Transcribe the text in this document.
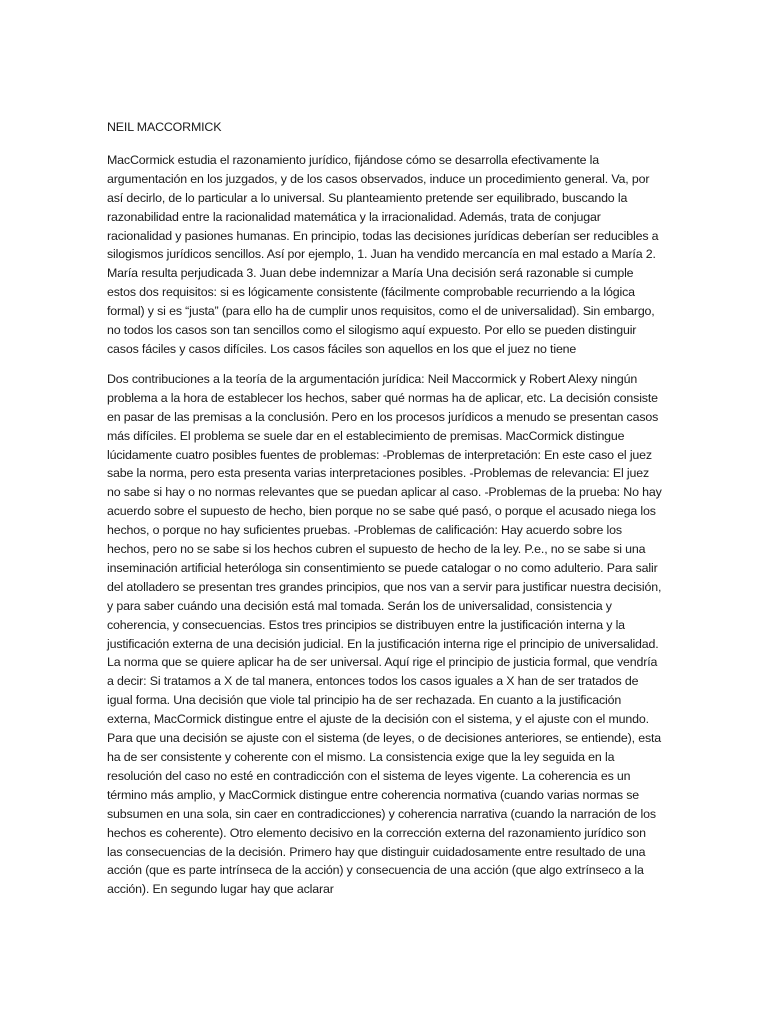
NEIL MACCORMICK

MacCormick estudia el razonamiento jurídico, fijándose cómo se desarrolla efectivamente la argumentación en los juzgados, y de los casos observados, induce un procedimiento general. Va, por así decirlo, de lo particular a lo universal. Su planteamiento pretende ser equilibrado, buscando la razonabilidad entre la racionalidad matemática y la irracionalidad. Además, trata de conjugar racionalidad y pasiones humanas. En principio, todas las decisiones jurídicas deberían ser reducibles a silogismos jurídicos sencillos. Así por ejemplo, 1. Juan ha vendido mercancía en mal estado a María 2. María resulta perjudicada 3. Juan debe indemnizar a María Una decisión será razonable si cumple estos dos requisitos: si es lógicamente consistente (fácilmente comprobable recurriendo a la lógica formal) y si es “justa” (para ello ha de cumplir unos requisitos, como el de universalidad). Sin embargo, no todos los casos son tan sencillos como el silogismo aquí expuesto. Por ello se pueden distinguir casos fáciles y casos difíciles. Los casos fáciles son aquellos en los que el juez no tiene

Dos contribuciones a la teoría de la argumentación jurídica: Neil Maccormick y Robert Alexy ningún problema a la hora de establecer los hechos, saber qué normas ha de aplicar, etc. La decisión consiste en pasar de las premisas a la conclusión. Pero en los procesos jurídicos a menudo se presentan casos más difíciles. El problema se suele dar en el establecimiento de premisas. MacCormick distingue lúcidamente cuatro posibles fuentes de problemas: -Problemas de interpretación: En este caso el juez sabe la norma, pero esta presenta varias interpretaciones posibles. -Problemas de relevancia: El juez no sabe si hay o no normas relevantes que se puedan aplicar al caso. -Problemas de la prueba: No hay acuerdo sobre el supuesto de hecho, bien porque no se sabe qué pasó, o porque el acusado niega los hechos, o porque no hay suficientes pruebas. -Problemas de calificación: Hay acuerdo sobre los hechos, pero no se sabe si los hechos cubren el supuesto de hecho de la ley. P.e., no se sabe si una inseminación artificial heteróloga sin consentimiento se puede catalogar o no como adulterio. Para salir del atolladero se presentan tres grandes principios, que nos van a servir para justificar nuestra decisión, y para saber cuándo una decisión está mal tomada. Serán los de universalidad, consistencia y coherencia, y consecuencias. Estos tres principios se distribuyen entre la justificación interna y la justificación externa de una decisión judicial. En la justificación interna rige el principio de universalidad. La norma que se quiere aplicar ha de ser universal. Aquí rige el principio de justicia formal, que vendría a decir: Si tratamos a X de tal manera, entonces todos los casos iguales a X han de ser tratados de igual forma. Una decisión que viole tal principio ha de ser rechazada. En cuanto a la justificación externa, MacCormick distingue entre el ajuste de la decisión con el sistema, y el ajuste con el mundo. Para que una decisión se ajuste con el sistema (de leyes, o de decisiones anteriores, se entiende), esta ha de ser consistente y coherente con el mismo. La consistencia exige que la ley seguida en la resolución del caso no esté en contradicción con el sistema de leyes vigente. La coherencia es un término más amplio, y MacCormick distingue entre coherencia normativa (cuando varias normas se subsumen en una sola, sin caer en contradicciones) y coherencia narrativa (cuando la narración de los hechos es coherente). Otro elemento decisivo en la corrección externa del razonamiento jurídico son las consecuencias de la decisión. Primero hay que distinguir cuidadosamente entre resultado de una acción (que es parte intrínseca de la acción) y consecuencia de una acción (que algo extrínseco a la acción). En segundo lugar hay que aclarar
